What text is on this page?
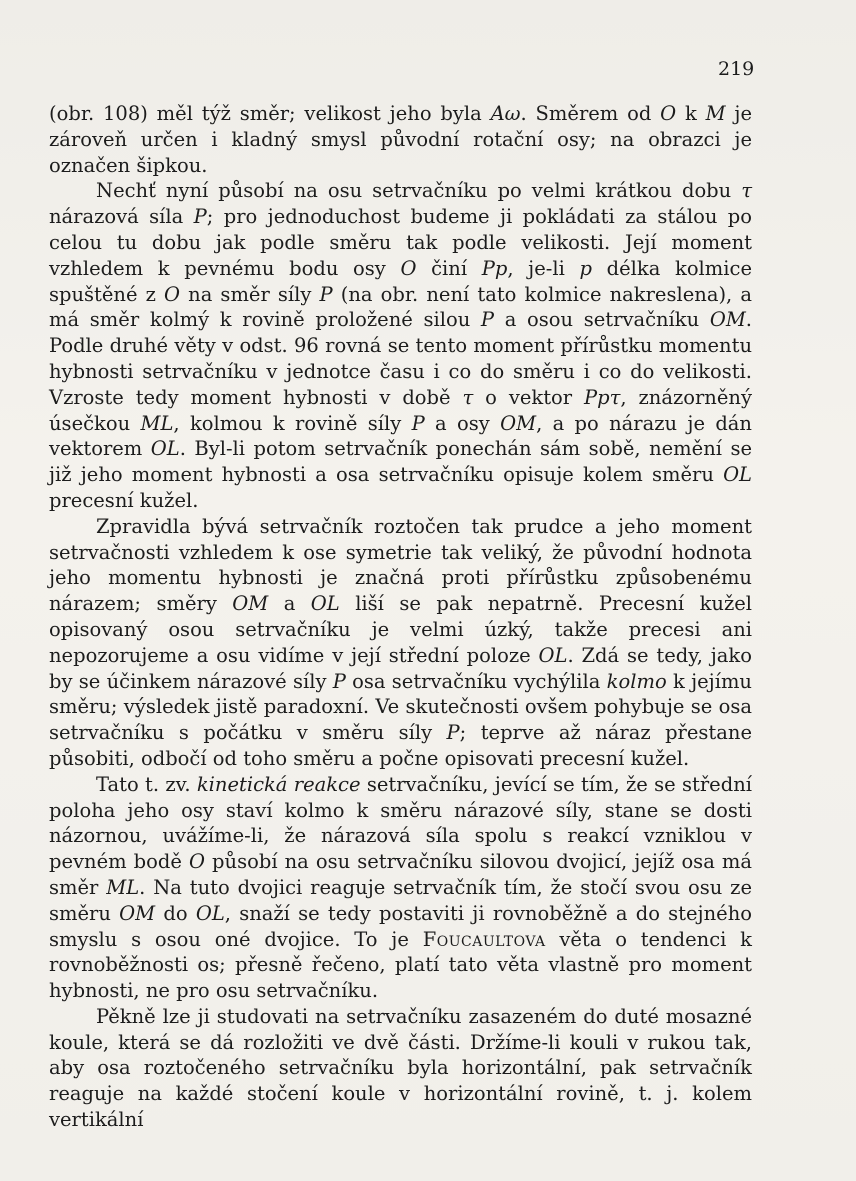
219

(obr. 108) měl týž směr; velikost jeho byla Aω. Směrem od O k M je zároveň určen i kladný smysl původní rotační osy; na obrazci je označen šipkou.

Nechť nyní působí na osu setrvačníku po velmi krátkou dobu τ nárazová síla P; pro jednoduchost budeme ji pokládati za stálou po celou tu dobu jak podle směru tak podle velikosti. Její moment vzhledem k pevnému bodu osy O činí Pp, je-li p délka kolmice spuštěné z O na směr síly P (na obr. není tato kolmice nakreslena), a má směr kolmý k rovině proložené silou P a osou setrvačníku OM. Podle druhé věty v odst. 96 rovná se tento moment přírůstku momentu hybnosti setrvačníku v jednotce času i co do směru i co do velikosti. Vzroste tedy moment hybnosti v době τ o vektor Ppτ, znázorněný úsečkou ML, kolmou k rovině síly P a osy OM, a po nárazu je dán vektorem OL. Byl-li potom setrvačník ponechán sám sobě, nemění se již jeho moment hybnosti a osa setrvačníku opisuje kolem směru OL precesní kužel.

Zpravidla bývá setrvačník roztočen tak prudce a jeho moment setrvačnosti vzhledem k ose symetrie tak veliký, že původní hodnota jeho momentu hybnosti je značná proti přírůstku způsobenému nárazem; směry OM a OL liší se pak nepatrně. Precesní kužel opisovaný osou setrvačníku je velmi úzký, takže precesi ani nepozorujeme a osu vidíme v její střední poloze OL. Zdá se tedy, jako by se účinkem nárazové síly P osa setrvačníku vychýlila kolmo k jejímu směru; výsledek jistě paradoxní. Ve skutečnosti ovšem pohybuje se osa setrvačníku s počátku v směru síly P; teprve až náraz přestane působiti, odbočí od toho směru a počne opisovati precesní kužel.

Tato t. zv. kinetická reakce setrvačníku, jevící se tím, že se střední poloha jeho osy staví kolmo k směru nárazové síly, stane se dosti názornou, uvážíme-li, že nárazová síla spolu s reakcí vzniklou v pevném bodě O působí na osu setrvačníku silovou dvojicí, jejíž osa má směr ML. Na tuto dvojici reaguje setrvačník tím, že stočí svou osu ze směru OM do OL, snaží se tedy postaviti ji rovnoběžně a do stejného smyslu s osou oné dvojice. To je Foucaultova věta o tendenci k rovnoběžnosti os; přesně řečeno, platí tato věta vlastně pro moment hybnosti, ne pro osu setrvačníku.

Pěkně lze ji studovati na setrvačníku zasazeném do duté mosazné koule, která se dá rozložiti ve dvě části. Držíme-li kouli v rukou tak, aby osa roztočeného setrvačníku byla horizontální, pak setrvačník reaguje na každé stočení koule v horizontální rovině, t. j. kolem vertikální
